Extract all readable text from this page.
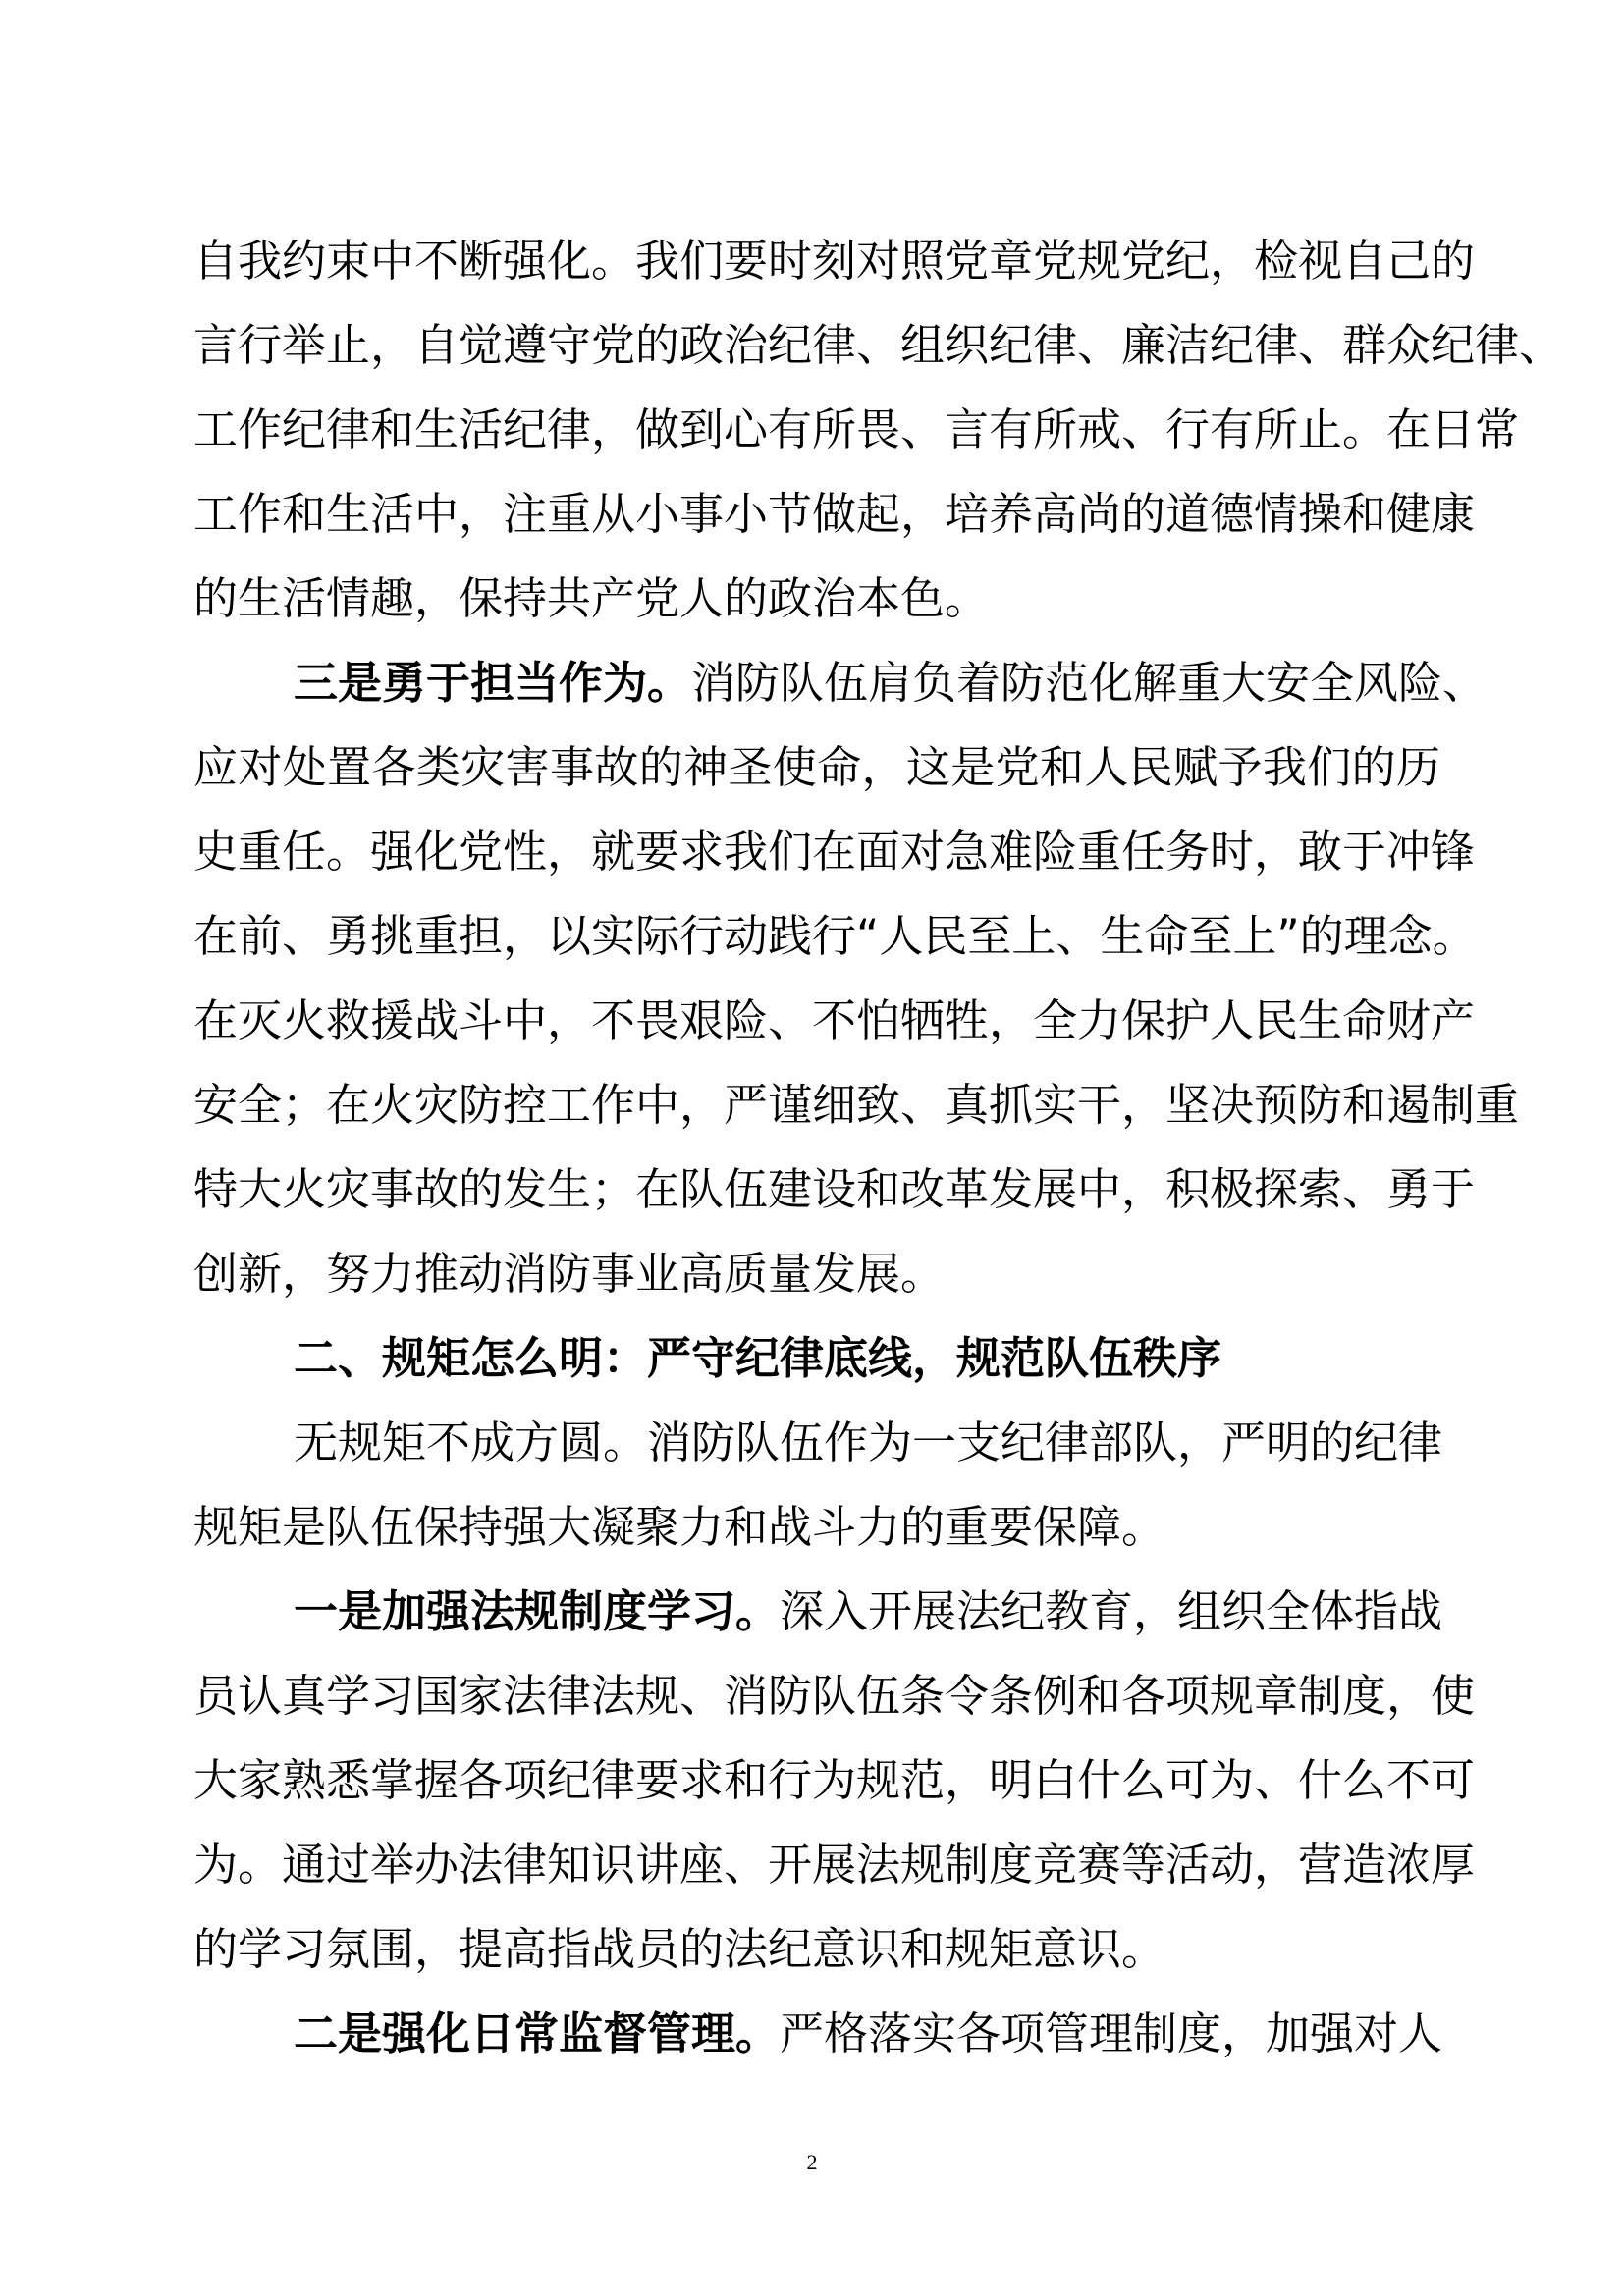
自我约束中不断强化。我们要时刻对照党章党规党纪，检视自己的
言行举止，自觉遵守党的政治纪律、组织纪律、廉洁纪律、群众纪律、
工作纪律和生活纪律，做到心有所畏、言有所戒、行有所止。在日常
工作和生活中，注重从小事小节做起，培养高尚的道德情操和健康
的生活情趣，保持共产党人的政治本色。
三是勇于担当作为。消防队伍肩负着防范化解重大安全风险、
应对处置各类灾害事故的神圣使命，这是党和人民赋予我们的历
史重任。强化党性，就要求我们在面对急难险重任务时，敢于冲锋
在前、勇挑重担，以实际行动践行“人民至上、生命至上”的理念。
在灭火救援战斗中，不畏艰险、不怕牺牲，全力保护人民生命财产
安全；在火灾防控工作中，严谨细致、真抓实干，坚决预防和遏制重
特大火灾事故的发生；在队伍建设和改革发展中，积极探索、勇于
创新，努力推动消防事业高质量发展。
二、规矩怎么明：严守纪律底线，规范队伍秩序
无规矩不成方圆。消防队伍作为一支纪律部队，严明的纪律
规矩是队伍保持强大凝聚力和战斗力的重要保障。
一是加强法规制度学习。深入开展法纪教育，组织全体指战
员认真学习国家法律法规、消防队伍条令条例和各项规章制度，使
大家熟悉掌握各项纪律要求和行为规范，明白什么可为、什么不可
为。通过举办法律知识讲座、开展法规制度竞赛等活动，营造浓厚
的学习氛围，提高指战员的法纪意识和规矩意识。
二是强化日常监督管理。严格落实各项管理制度，加强对人
2
